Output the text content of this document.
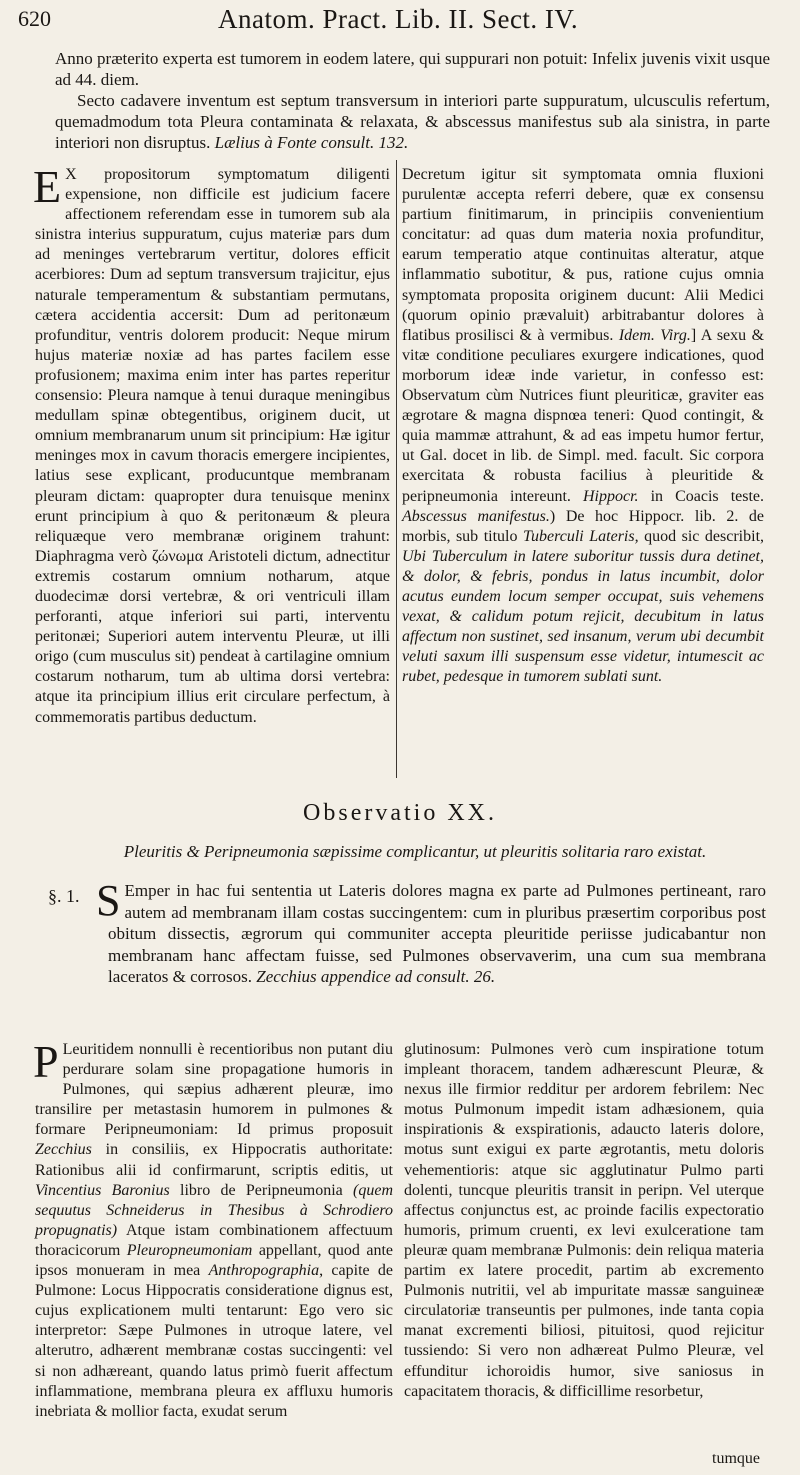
620	Anatom. Pract. Lib. II. Sect. IV.

Anno præterito experta est tumorem in eodem latere, qui suppurari non potuit: Infelix juvenis vixit usque ad 44. diem.

Secto cadavere inventum est septum transversum in interiori parte suppuratum, ulcusculis refertum, quemadmodum tota Pleura contaminata & relaxata, & abscessus manifestus sub ala sinistra, in parte interiori non disruptus. Lælius à Fonte consult. 132.

E X propositorum symptomatum diligenti expensione, non difficile est judicium facere affectionem referendam esse in tumorem sub ala sinistra interius suppuratum, cujus materiæ pars dum ad meninges vertebrarum vertitur, dolores efficit acerbiores: Dum ad septum transversum trajicitur, ejus naturale temperamentum & substantiam permutans, cætera accidentia accersit: Dum ad peritonæum profunditur, ventris dolorem producit: Neque mirum hujus materiæ noxiæ ad has partes facilem esse profusionem; maxima enim inter has partes reperitur consensio: Pleura namque à tenui duraque meningibus medullam spinæ obtegentibus, originem ducit, ut omnium membranarum unum sit principium: Hæ igitur meninges mox in cavum thoracis emergere incipientes, latius sese explicant, producuntque membranam pleuram dictam: quapropter dura tenuisque meninx erunt principium à quo & peritonæum & pleura reliquæque vero membranæ originem trahunt: Diaphragma verò ζώνωμα Aristoteli dictum, adnectitur extremis costarum omnium notharum, atque duodecimæ dorsi vertebræ, & ori ventriculi illam perforanti, atque inferiori sui parti, interventu peritonæi; Superiori autem interventu Pleuræ, ut illi origo (cum musculus sit) pendeat à cartilagine omnium costarum notharum, tum ab ultima dorsi vertebra: atque ita principium illius erit circulare perfectum, à commemoratis partibus deductum.

Decretum igitur sit symptomata omnia fluxioni purulentæ accepta referri debere, quæ ex consensu partium finitimarum, in principiis convenientium concitatur: ad quas dum materia noxia profunditur, earum temperatio atque continuitas alteratur, atque inflammatio subotitur, & pus, ratione cujus omnia symptomata proposita originem ducunt: Alii Medici (quorum opinio prævaluit) arbitrabantur dolores à flatibus prosilisci & à vermibus. Idem. Virg.] A sexu & vitæ conditione peculiares exurgere indicationes, quod morborum ideæ inde varietur, in confesso est: Observatum cùm Nutrices fiunt pleuriticæ, graviter eas ægrotare & magna dispnœa teneri: Quod contingit, & quia mammæ attrahunt, & ad eas impetu humor fertur, ut Gal. docet in lib. de Simpl. med. facult. Sic corpora exercitata & robusta facilius à pleuritide & peripneumonia intereunt. Hippocr. in Coacis teste. Abscessus manifestus.) De hoc Hippocr. lib. 2. de morbis, sub titulo Tuberculi Lateris, quod sic describit, Ubi Tuberculum in latere suboritur tussis dura detinet, & dolor, & febris, pondus in latus incumbit, dolor acutus eundem locum semper occupat, suis vehemens vexat, & calidum potum rejicit, decubitum in latus affectum non sustinet, sed insanum, verum ubi decumbit veluti saxum illi suspensum esse videtur, intumescit ac rubet, pedesque in tumorem sublati sunt.

Observatio XX.
Pleuritis & Peripneumonia sæpissime complicantur, ut pleuritis solitaria raro existat.
§. 1. S Emper in hac fui sententia ut Lateris dolores magna ex parte ad Pulmones pertineant, raro autem ad membranam illam costas succingentem: cum in pluribus præsertim corporibus post obitum dissectis, ægrorum qui communiter accepta pleuritide periisse judicabantur non membranam hanc affectam fuisse, sed Pulmones observaverim, una cum sua membrana laceratos & corrosos. Zecchius appendice ad consult. 26.

P Leuritidem nonnulli è recentioribus non putant diu perdurare solam sine propagatione humoris in Pulmones, qui sæpius adhærent pleuræ, imo transilire per metastasin humorem in pulmones & formare Peripneumoniam: Id primus proposuit Zecchius in consiliis, ex Hippocratis authoritate: Rationibus alii id confirmarunt, scriptis editis, ut Vincentius Baronius libro de Peripneumonia (quem sequutus Schneiderus in Thesibus à Schrodiero propugnatis) Atque istam combinationem affectuum thoracicorum Pleuropneumoniam appellant, quod ante ipsos monueram in mea Anthropographia, capite de Pulmone: Locus Hippocratis consideratione dignus est, cujus explicationem multi tentarunt: Ego vero sic interpretor: Sæpe Pulmones in utroque latere, vel alterutro, adhærent membranæ costas succingenti: vel si non adhæreant, quando latus primò fuerit affectum inflammatione, membrana pleura ex affluxu humoris inebriata & mollior facta, exudat serum

glutinosum: Pulmones verò cum inspiratione totum impleant thoracem, tandem adhærescunt Pleuræ, & nexus ille firmior redditur per ardorem febrilem: Nec motus Pulmonum impedit istam adhæsionem, quia inspirationis & exspirationis, adaucto lateris dolore, motus sunt exigui ex parte ægrotantis, metu doloris vehementioris: atque sic agglutinatur Pulmo parti dolenti, tuncque pleuritis transit in peripn. Vel uterque affectus conjunctus est, ac proinde facilis expectoratio humoris, primum cruenti, ex levi exulceratione tam pleuræ quam membranæ Pulmonis: dein reliqua materia partim ex latere procedit, partim ab excremento Pulmonis nutritii, vel ab impuritate massæ sanguineæ circulatoriæ transeuntis per pulmones, inde tanta copia manat excrementi biliosi, pituitosi, quod rejicitur tussiendo: Si vero non adhæreat Pulmo Pleuræ, vel effunditur ichoroidis humor, sive saniosus in capacitatem thoracis, & difficillime resorbetur,

tumque
